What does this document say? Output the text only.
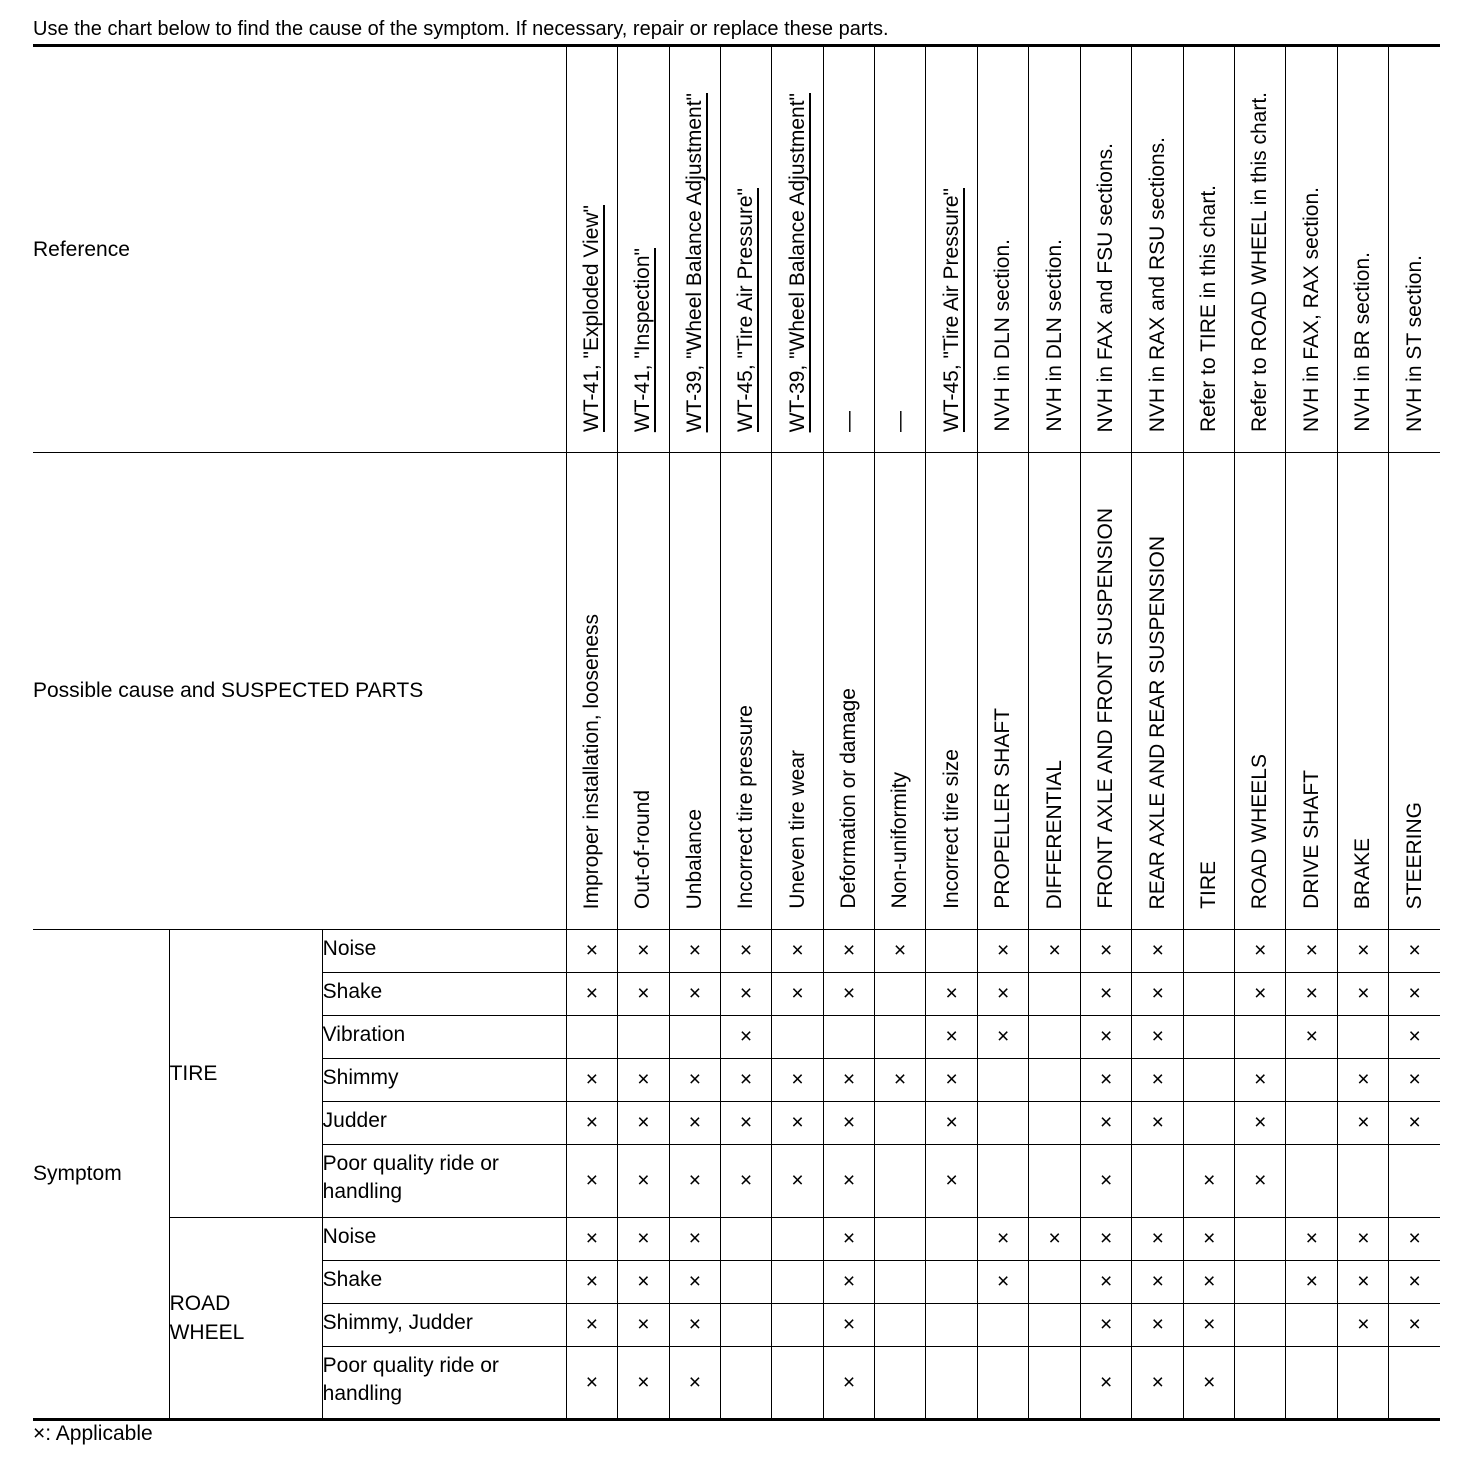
Use the chart below to find the cause of the symptom. If necessary, repair or replace these parts.
Reference			WT-41, "Exploded View"	WT-41, "Inspection"	WT-39, "Wheel Balance Adjustment"	WT-45, "Tire Air Pressure"	WT-39, "Wheel Balance Adjustment"	—	—	WT-45, "Tire Air Pressure"	NVH in DLN section.	NVH in DLN section.	NVH in FAX and FSU sections.	NVH in RAX and RSU sections.	Refer to TIRE in this chart.	Refer to ROAD WHEEL in this chart.	NVH in FAX, RAX section.	NVH in BR section.	NVH in ST section.
Possible cause and SUSPECTED PARTS			Improper installation, looseness	Out-of-round	Unbalance	Incorrect tire pressure	Uneven tire wear	Deformation or damage	Non-uniformity	Incorrect tire size	PROPELLER SHAFT	DIFFERENTIAL	FRONT AXLE AND FRONT SUSPENSION	REAR AXLE AND REAR SUSPENSION	TIRE	ROAD WHEELS	DRIVE SHAFT	BRAKE	STEERING
Symptom	TIRE	Noise	×	×	×	×	×	×	×		×	×	×	×		×	×	×	×

		Shake	×	×	×	×	×	×		×	×		×	×		×	×	×	×

		Vibration				×				×	×		×	×			×		×

		Shimmy	×	×	×	×	×	×	×	×			×	×		×		×	×

		Judder	×	×	×	×	×	×		×			×	×		×		×	×

		Poor quality ride or handling	×	×	×	×	×	×		×			×		×	×			
	ROAD WHEEL	Noise	×	×	×			×			×	×	×	×	×		×	×	×

		Shake	×	×	×			×			×		×	×	×		×	×	×

		Shimmy, Judder	×	×	×			×					×	×	×			×	×

		Poor quality ride or handling	×	×	×			×					×	×	×				
×: Applicable
